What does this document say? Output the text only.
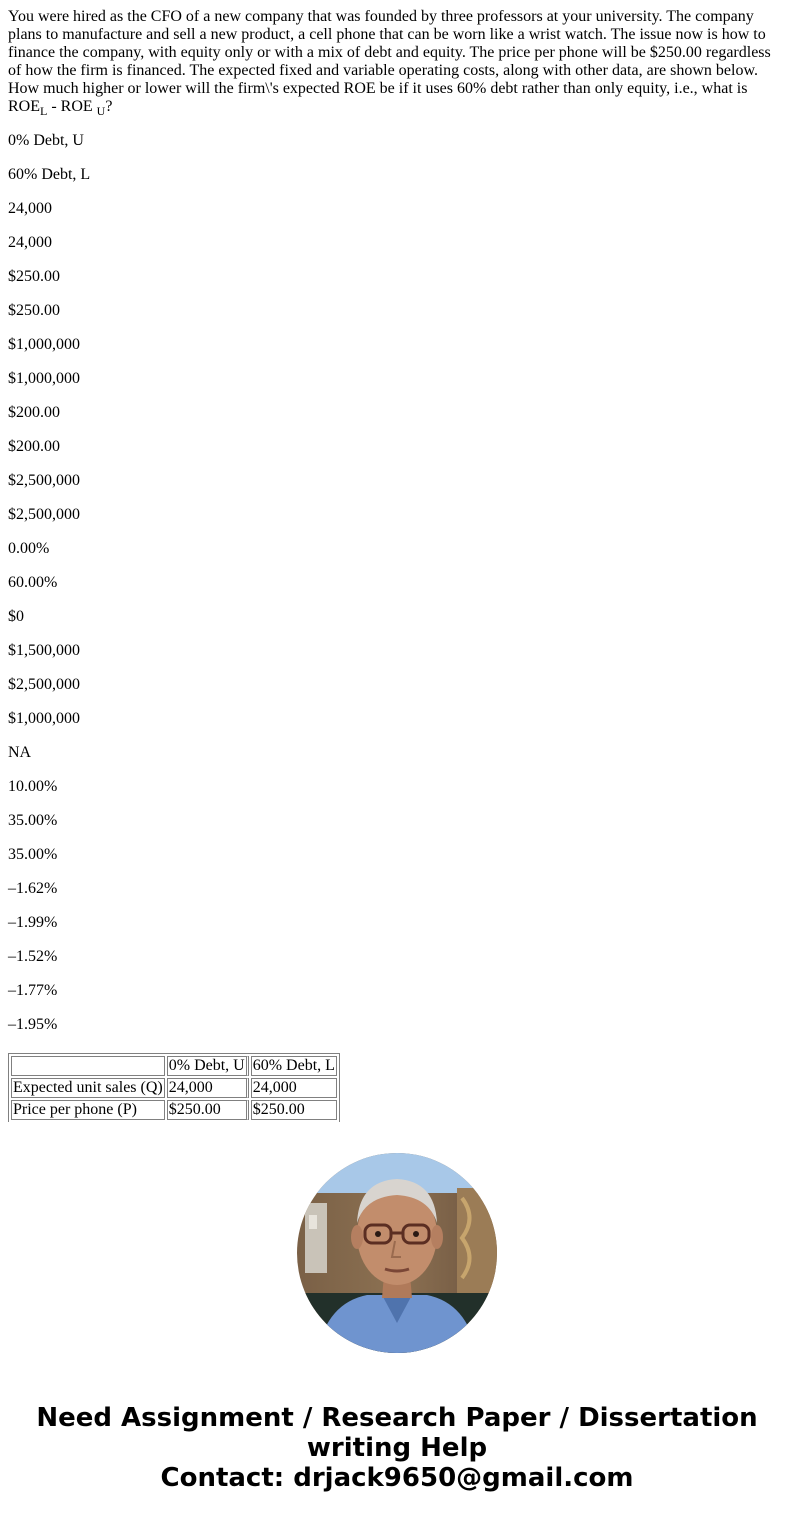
You were hired as the CFO of a new company that was founded by three professors at your university. The company plans to manufacture and sell a new product, a cell phone that can be worn like a wrist watch. The issue now is how to finance the company, with equity only or with a mix of debt and equity. The price per phone will be $250.00 regardless of how the firm is financed. The expected fixed and variable operating costs, along with other data, are shown below. How much higher or lower will the firm\'s expected ROE be if it uses 60% debt rather than only equity, i.e., what is $ROE_L$ - ROE $_U$?

0% Debt, U
60% Debt, L
24,000
24,000
$250.00
$250.00
$1,000,000
$1,000,000
$200.00
$200.00
$2,500,000
$2,500,000
0.00%
60.00%
$0
$1,500,000
$2,500,000
$1,000,000
NA
10.00%
35.00%
35.00%
–1.62%
–1.99%
–1.52%
–1.77%
–1.95%
	0% Debt, U	60% Debt, L
Expected unit sales (Q)	24,000	24,000
Price per phone (P)	$250.00	$250.00
Need Assignment / Research Paper / Dissertation
writing Help
Contact: drjack9650@gmail.com
